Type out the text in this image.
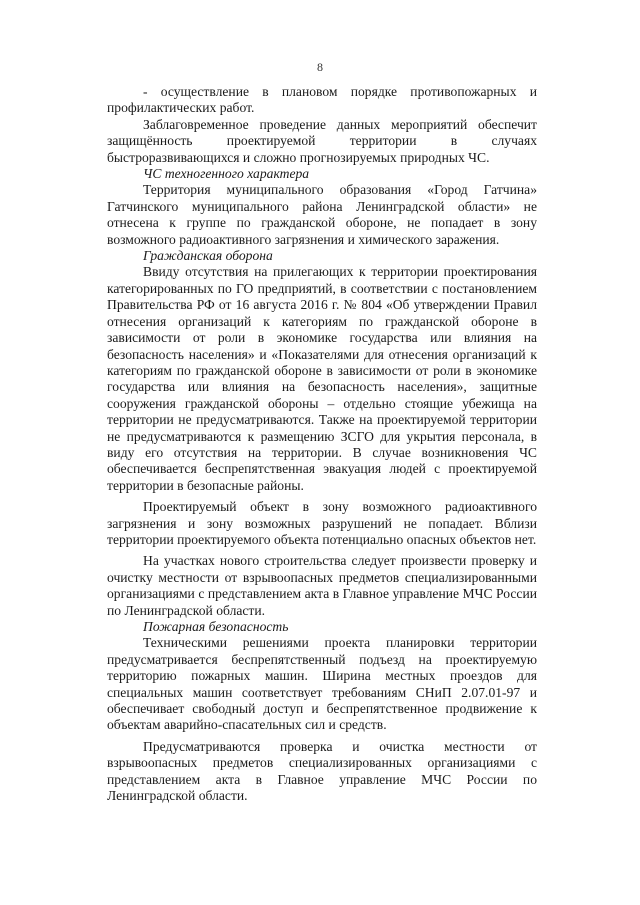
8

- осуществление в плановом порядке противопожарных и профилактических работ.

Заблаговременное проведение данных мероприятий обеспечит защищённость проектируемой территории в случаях быстроразвивающихся и сложно прогнозируемых природных ЧС.

ЧС техногенного характера

Территория муниципального образования «Город Гатчина» Гатчинского муниципального района Ленинградской области» не отнесена к группе по гражданской обороне, не попадает в зону возможного радиоактивного загрязнения и химического заражения.

Гражданская оборона

Ввиду отсутствия на прилегающих к территории проектирования категорированных по ГО предприятий, в соответствии с постановлением Правительства РФ от 16 августа 2016 г. № 804 «Об утверждении Правил отнесения организаций к категориям по гражданской обороне в зависимости от роли в экономике государства или влияния на безопасность населения» и «Показателями для отнесения организаций к категориям по гражданской обороне в зависимости от роли в экономике государства или влияния на безопасность населения», защитные сооружения гражданской обороны – отдельно стоящие убежища на территории не предусматриваются. Также на проектируемой территории не предусматриваются к размещению ЗСГО для укрытия персонала, в виду его отсутствия на территории. В случае возникновения ЧС обеспечивается беспрепятственная эвакуация людей с проектируемой территории в безопасные районы.

Проектируемый объект в зону возможного радиоактивного загрязнения и зону возможных разрушений не попадает. Вблизи территории проектируемого объекта потенциально опасных объектов нет.

На участках нового строительства следует произвести проверку и очистку местности от взрывоопасных предметов специализированными организациями с представлением акта в Главное управление МЧС России по Ленинградской области.

Пожарная безопасность

Техническими решениями проекта планировки территории предусматривается беспрепятственный подъезд на проектируемую территорию пожарных машин. Ширина местных проездов для специальных машин соответствует требованиям СНиП 2.07.01-97 и обеспечивает свободный доступ и беспрепятственное продвижение к объектам аварийно-спасательных сил и средств.

Предусматриваются проверка и очистка местности от взрывоопасных предметов специализированных организациями с представлением акта в Главное управление МЧС России по Ленинградской области.
